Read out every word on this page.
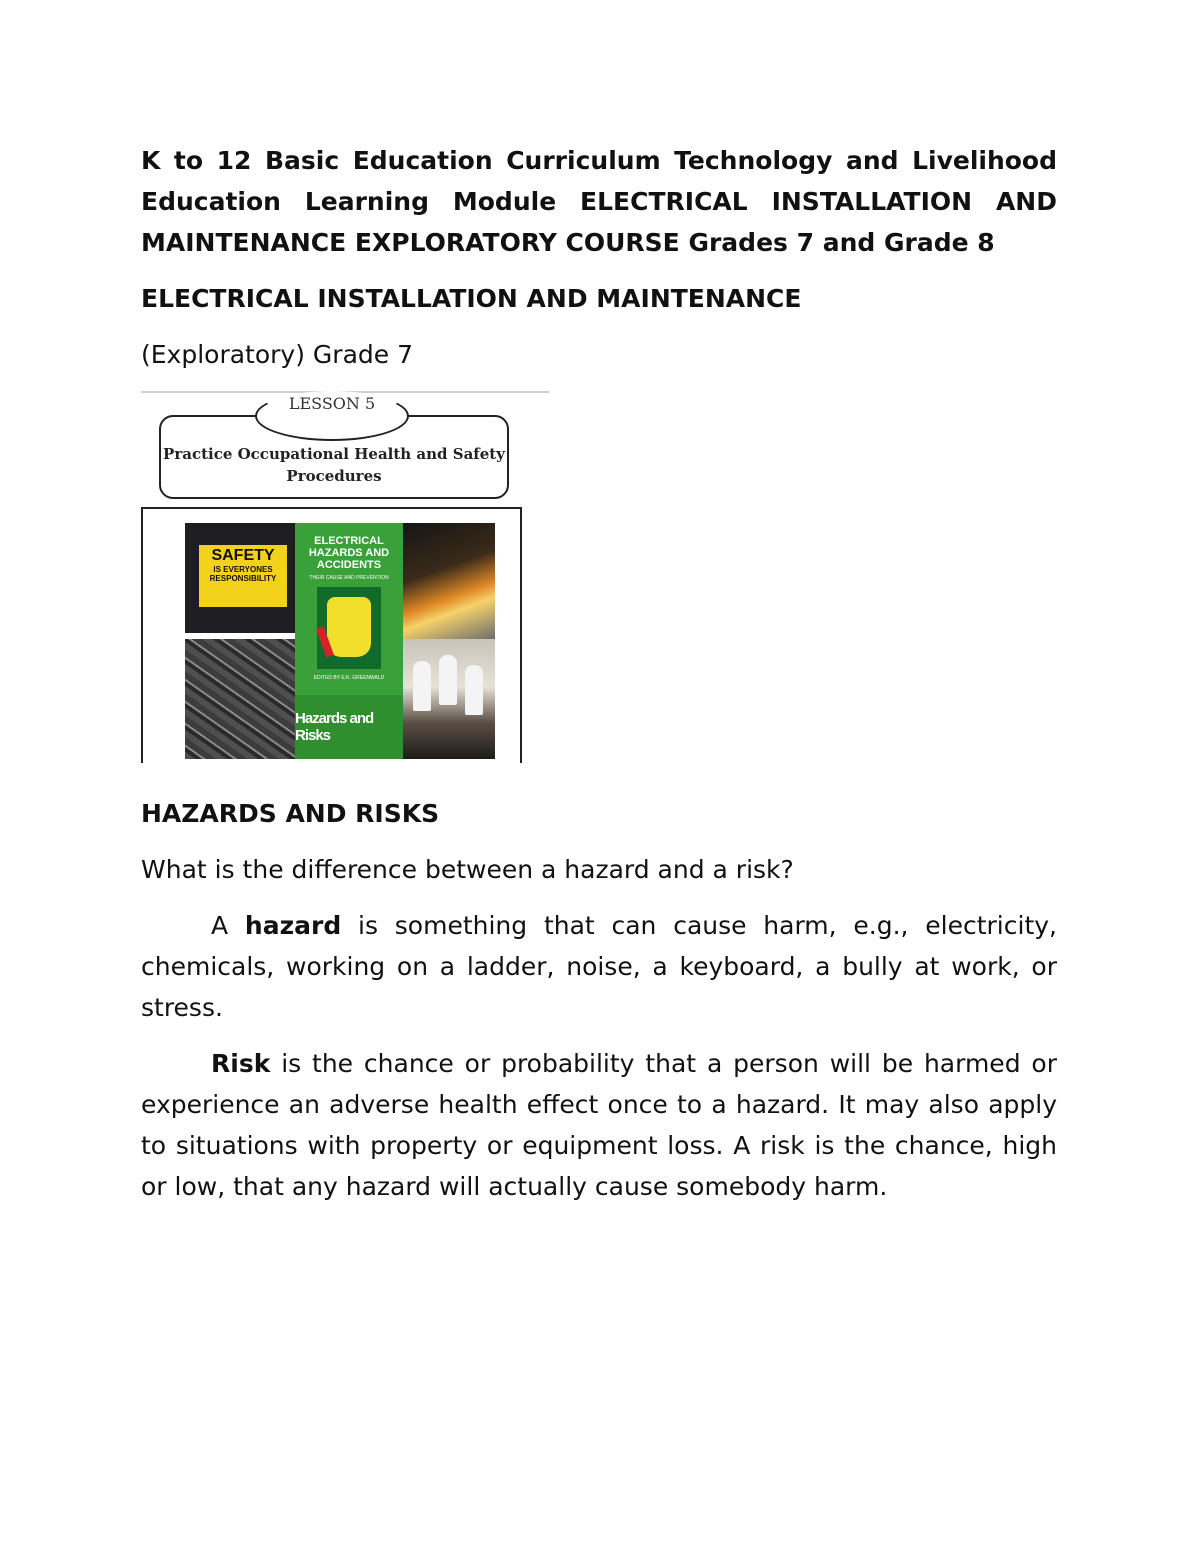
K to 12 Basic Education Curriculum Technology and Livelihood Education Learning Module ELECTRICAL INSTALLATION AND MAINTENANCE EXPLORATORY COURSE Grades 7 and Grade 8

ELECTRICAL INSTALLATION AND MAINTENANCE

(Exploratory) Grade 7

Practice Occupational Health and Safety Procedures
LESSON 5
SAFETY
IS EVERYONES RESPONSIBILITY
ELECTRICAL HAZARDS AND ACCIDENTS
THEIR CAUSE AND PREVENTION
EDITED BY E.K. GREENWALD
Hazards and Risks

HAZARDS AND RISKS

What is the difference between a hazard and a risk?

A hazard is something that can cause harm, e.g., electricity, chemicals, working on a ladder, noise, a keyboard, a bully at work, or stress.

Risk is the chance or probability that a person will be harmed or experience an adverse health effect once to a hazard. It may also apply to situations with property or equipment loss. A risk is the chance, high or low, that any hazard will actually cause somebody harm.
